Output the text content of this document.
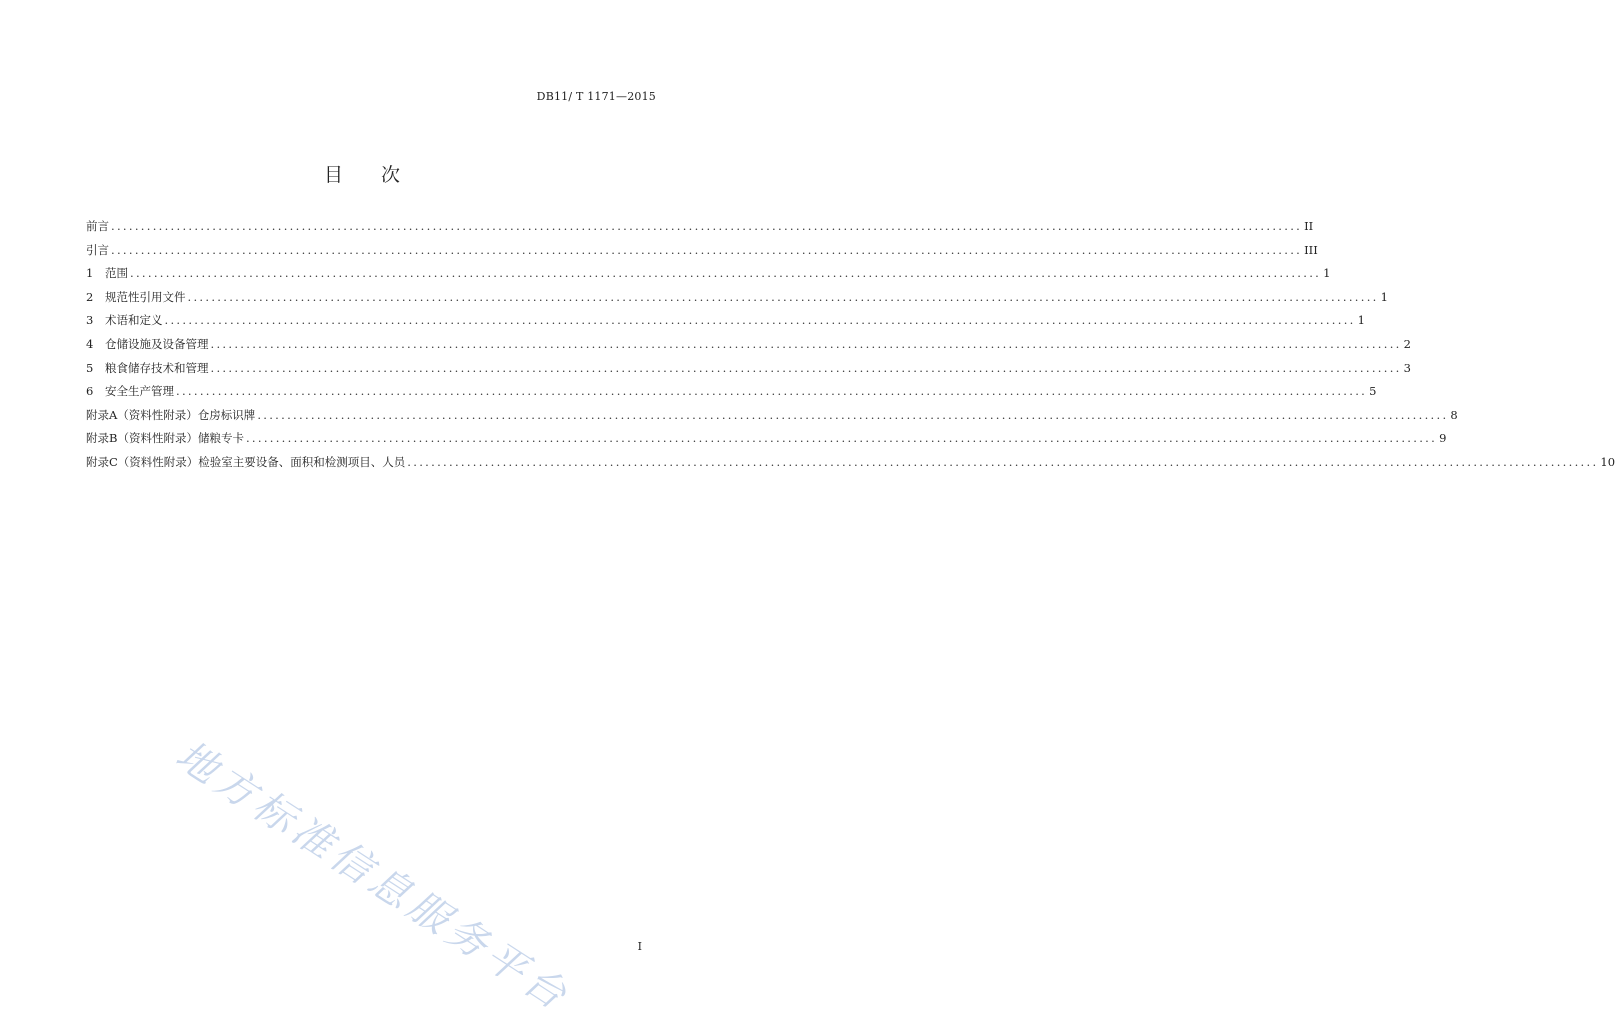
DB11/ T 1171—2015
目 次
前言 ........................................................................................................................................................................................................ II
引言 ........................................................................................................................................................................................................ III
1 范围 ........................................................................................................................................................................................................ 1
2 规范性引用文件 ........................................................................................................................................................................................................ 1
3 术语和定义 ........................................................................................................................................................................................................ 1
4 仓储设施及设备管理 ........................................................................................................................................................................................................ 2
5 粮食储存技术和管理 ........................................................................................................................................................................................................ 3
6 安全生产管理 ........................................................................................................................................................................................................ 5
附录A（资料性附录）仓房标识牌 ........................................................................................................................................................................................................ 8
附录B（资料性附录）储粮专卡 ........................................................................................................................................................................................................ 9
附录C（资料性附录）检验室主要设备、面积和检测项目、人员 ........................................................................................................................................................................................................ 10
地方标准信息服务平台	I
